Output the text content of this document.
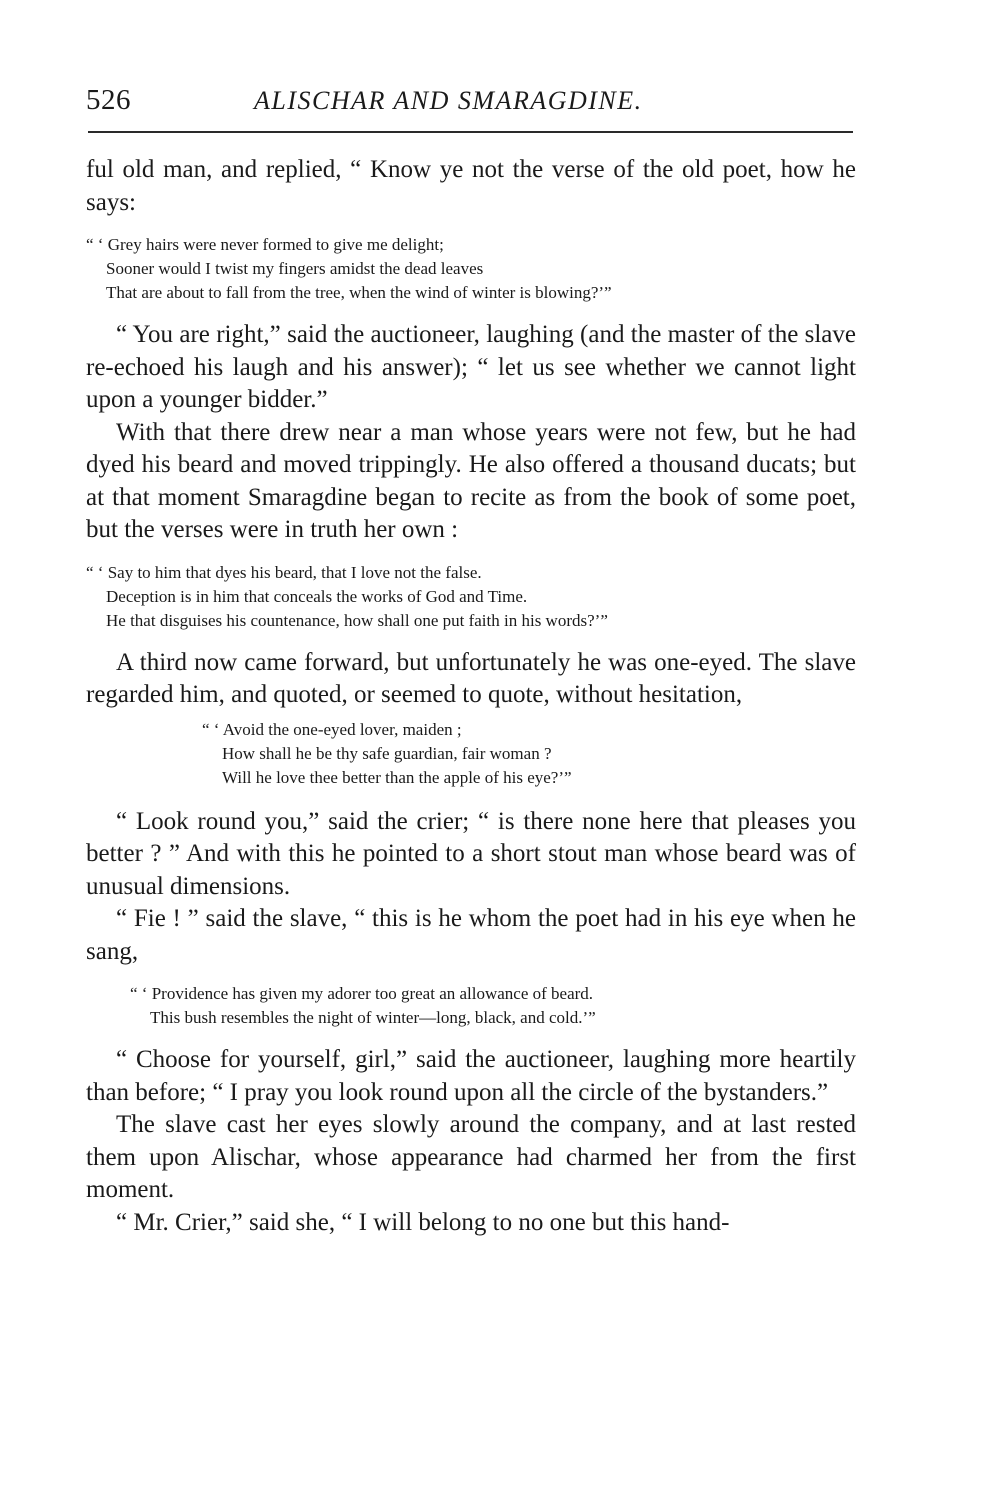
526	ALISCHAR AND SMARAGDINE.

ful old man, and replied, “ Know ye not the verse of the old poet, how he says:

“ ‘ Grey hairs were never formed to give me delight;
Sooner would I twist my fingers amidst the dead leaves
That are about to fall from the tree, when the wind of winter is blowing?’”

“ You are right,” said the auctioneer, laughing (and the master of the slave re-echoed his laugh and his answer); “ let us see whether we cannot light upon a younger bidder.”

With that there drew near a man whose years were not few, but he had dyed his beard and moved trippingly. He also offered a thousand ducats; but at that moment Smaragdine began to recite as from the book of some poet, but the verses were in truth her own :

“ ‘ Say to him that dyes his beard, that I love not the false.
Deception is in him that conceals the works of God and Time.
He that disguises his countenance, how shall one put faith in his words?’”

A third now came forward, but unfortunately he was one-eyed. The slave regarded him, and quoted, or seemed to quote, without hesitation,

“ ‘ Avoid the one-eyed lover, maiden ;
How shall he be thy safe guardian, fair woman ?
Will he love thee better than the apple of his eye?’”

“ Look round you,” said the crier; “ is there none here that pleases you better ? ” And with this he pointed to a short stout man whose beard was of unusual dimensions.

“ Fie ! ” said the slave, “ this is he whom the poet had in his eye when he sang,

“ ‘ Providence has given my adorer too great an allowance of beard.
This bush resembles the night of winter—long, black, and cold.’”

“ Choose for yourself, girl,” said the auctioneer, laughing more heartily than before; “ I pray you look round upon all the circle of the bystanders.”

The slave cast her eyes slowly around the company, and at last rested them upon Alischar, whose appearance had charmed her from the first moment.

“ Mr. Crier,” said she, “ I will belong to no one but this hand-
